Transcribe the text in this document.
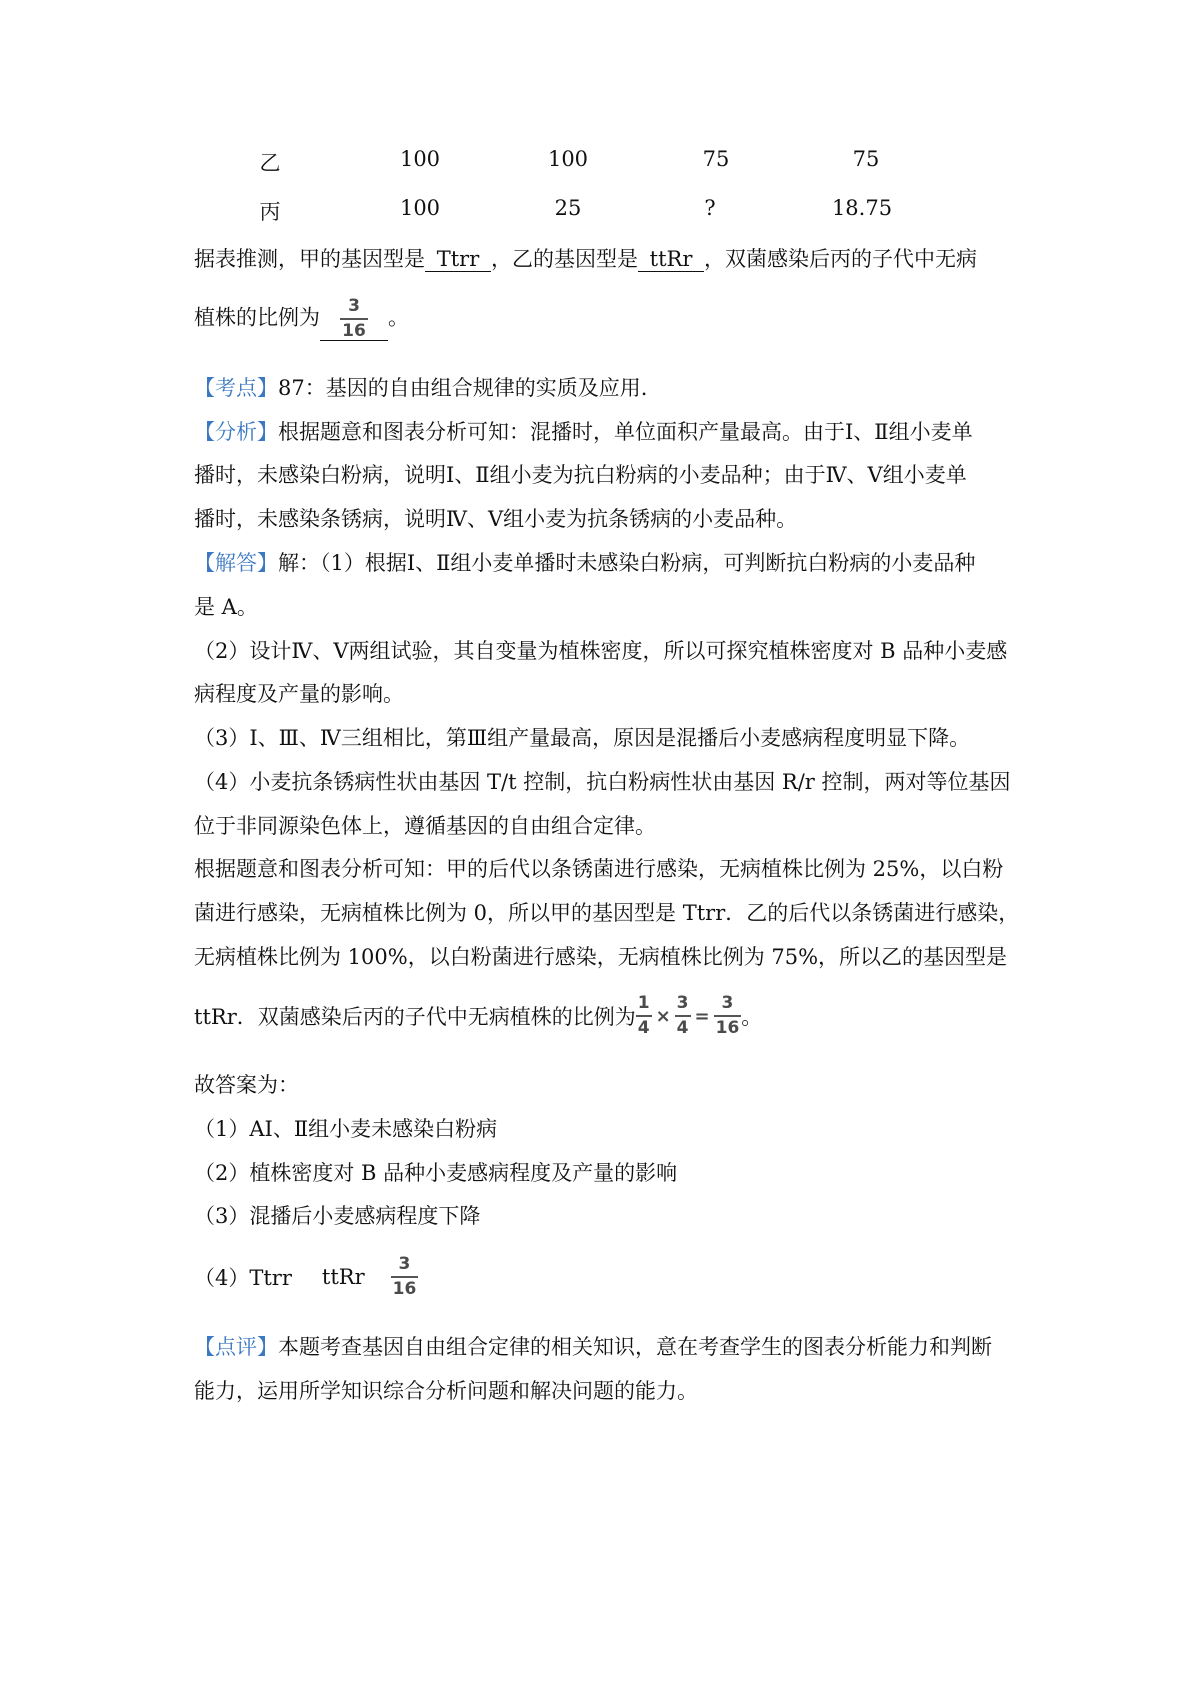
乙	100	100	75	75
丙	100	25	?	18.75
据表推测，甲的基因型是 Ttrr ，乙的基因型是 ttRr ，双菌感染后丙的子代中无病
植株的比例为 $\frac{3}{16}$ 。
【考点】87：基因的自由组合规律的实质及应用.
【分析】根据题意和图表分析可知：混播时，单位面积产量最高。由于Ⅰ、Ⅱ组小麦单
播时，未感染白粉病，说明Ⅰ、Ⅱ组小麦为抗白粉病的小麦品种；由于Ⅳ、Ⅴ组小麦单
播时，未感染条锈病，说明Ⅳ、Ⅴ组小麦为抗条锈病的小麦品种。
【解答】解：（1）根据Ⅰ、Ⅱ组小麦单播时未感染白粉病，可判断抗白粉病的小麦品种
是 A。
（2）设计Ⅳ、Ⅴ两组试验，其自变量为植株密度，所以可探究植株密度对 B 品种小麦感
病程度及产量的影响。
（3）Ⅰ、Ⅲ、Ⅳ三组相比，第Ⅲ组产量最高，原因是混播后小麦感病程度明显下降。
（4）小麦抗条锈病性状由基因 T/t 控制，抗白粉病性状由基因 R/r 控制，两对等位基因
位于非同源染色体上，遵循基因的自由组合定律。
根据题意和图表分析可知：甲的后代以条锈菌进行感染，无病植株比例为 25%，以白粉
菌进行感染，无病植株比例为 0，所以甲的基因型是 Ttrr．乙的后代以条锈菌进行感染，
无病植株比例为 100%，以白粉菌进行感染，无病植株比例为 75%，所以乙的基因型是
ttRr．双菌感染后丙的子代中无病植株的比例为 $\frac{1}{4} \times \frac{3}{4} = \frac{3}{16}$ 。
故答案为：
（1）AⅠ、Ⅱ组小麦未感染白粉病
（2）植株密度对 B 品种小麦感病程度及产量的影响
（3）混播后小麦感病程度下降
（4）Ttrr ttRr $\frac{3}{16}$
【点评】本题考查基因自由组合定律的相关知识，意在考查学生的图表分析能力和判断
能力，运用所学知识综合分析问题和解决问题的能力。
